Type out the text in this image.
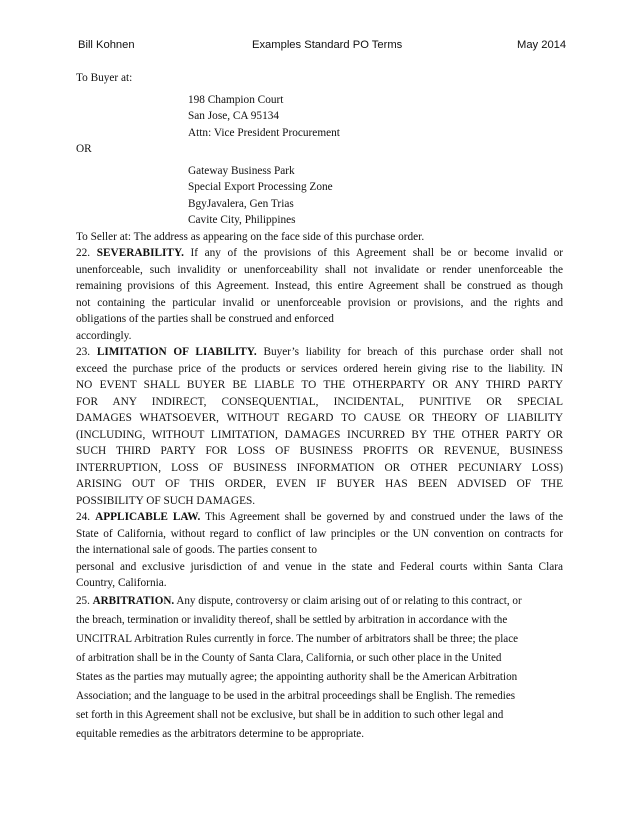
Bill Kohnen	Examples Standard PO Terms	May 2014
To Buyer at:
198 Champion Court
San Jose, CA 95134
Attn: Vice President Procurement
OR
Gateway Business Park
Special Export Processing Zone
BgyJavalera, Gen Trias
Cavite City, Philippines
To Seller at: The address as appearing on the face side of this purchase order.
22. SEVERABILITY. If any of the provisions of this Agreement shall be or become invalid or
unenforceable, such invalidity or unenforceability shall not invalidate or render unenforceable the
remaining provisions of this Agreement. Instead, this entire Agreement shall be construed as though
not containing the particular invalid or unenforceable provision or provisions, and the rights and
obligations of the parties shall be construed and enforced
accordingly.
23. LIMITATION OF LIABILITY. Buyer’s liability for breach of this purchase order shall not
exceed the purchase price of the products or services ordered herein giving rise to the liability. IN
NO EVENT SHALL BUYER BE LIABLE TO THE OTHERPARTY OR ANY THIRD PARTY
FOR ANY INDIRECT, CONSEQUENTIAL, INCIDENTAL, PUNITIVE OR SPECIAL
DAMAGES WHATSOEVER, WITHOUT REGARD TO CAUSE OR THEORY OF LIABILITY
(INCLUDING, WITHOUT LIMITATION, DAMAGES INCURRED BY THE OTHER PARTY OR
SUCH THIRD PARTY FOR LOSS OF BUSINESS PROFITS OR REVENUE, BUSINESS
INTERRUPTION, LOSS OF BUSINESS INFORMATION OR OTHER PECUNIARY LOSS)
ARISING OUT OF THIS ORDER, EVEN IF BUYER HAS BEEN ADVISED OF THE
POSSIBILITY OF SUCH DAMAGES.
24. APPLICABLE LAW. This Agreement shall be governed by and construed under the laws of the
State of California, without regard to conflict of law principles or the UN convention on contracts for
the international sale of goods. The parties consent to
personal and exclusive jurisdiction of and venue in the state and Federal courts within Santa Clara
Country, California.
25. ARBITRATION. Any dispute, controversy or claim arising out of or relating to this contract, or
the breach, termination or invalidity thereof, shall be settled by arbitration in accordance with the
UNCITRAL Arbitration Rules currently in force. The number of arbitrators shall be three; the place
of arbitration shall be in the County of Santa Clara, California, or such other place in the United
States as the parties may mutually agree; the appointing authority shall be the American Arbitration
Association; and the language to be used in the arbitral proceedings shall be English. The remedies
set forth in this Agreement shall not be exclusive, but shall be in addition to such other legal and
equitable remedies as the arbitrators determine to be appropriate.
